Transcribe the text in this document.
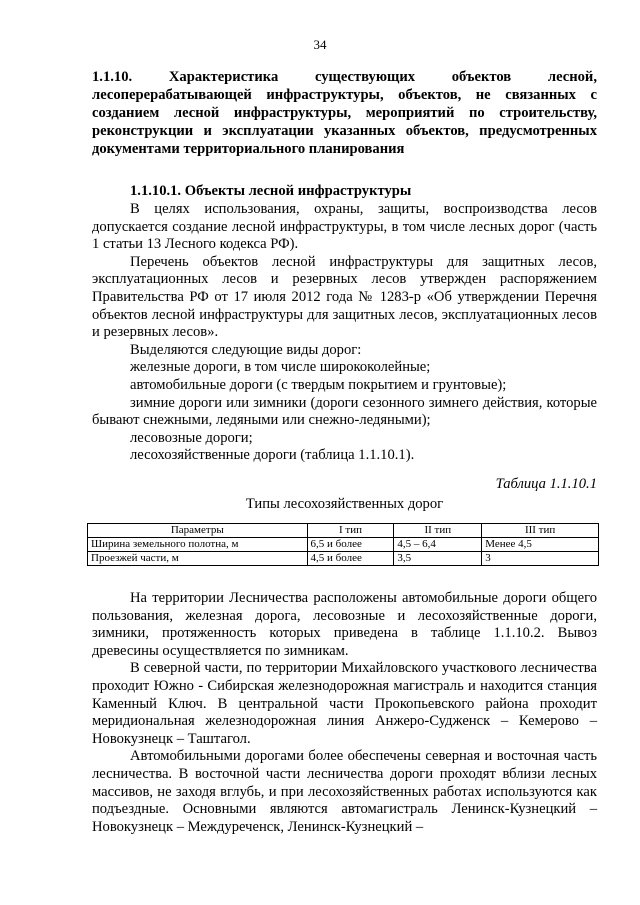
34
1.1.10.	Характеристика существующих объектов лесной, лесоперерабатывающей инфраструктуры, объектов, не связанных с созданием лесной инфраструктуры, мероприятий по строительству, реконструкции и эксплуатации указанных объектов, предусмотренных документами территориального планирования
1.1.10.1. Объекты лесной инфраструктуры

В целях использования, охраны, защиты, воспроизводства лесов допускается создание лесной инфраструктуры, в том числе лесных дорог (часть 1 статьи 13 Лесного кодекса РФ).

Перечень объектов лесной инфраструктуры для защитных лесов, эксплуатационных лесов и резервных лесов утвержден распоряжением Правительства РФ от 17 июля 2012 года № 1283-р «Об утверждении Перечня объектов лесной инфраструктуры для защитных лесов, эксплуатационных лесов и резервных лесов».

Выделяются следующие виды дорог:

железные дороги, в том числе ширококолейные;

автомобильные дороги (с твердым покрытием и грунтовые);

зимние дороги или зимники (дороги сезонного зимнего действия, которые бывают снежными, ледяными или снежно-ледяными);

лесовозные дороги;

лесохозяйственные дороги (таблица 1.1.10.1).

Таблица 1.1.10.1
Типы лесохозяйственных дорог
Параметры	I тип	II тип	III тип
Ширина земельного полотна, м	6,5 и более	4,5 – 6,4	Менее 4,5
Проезжей части, м	4,5 и более	3,5	3

На территории Лесничества расположены автомобильные дороги общего пользования, железная дорога, лесовозные и лесохозяйственные дороги, зимники, протяженность которых приведена в таблице 1.1.10.2. Вывоз древесины осуществляется по зимникам.

В северной части, по территории Михайловского участкового лесничества проходит Южно - Сибирская железнодорожная магистраль и находится станция Каменный Ключ. В центральной части Прокопьевского района проходит меридиональная железнодорожная линия Анжеро-Судженск – Кемерово – Новокузнецк – Таштагол.

Автомобильными дорогами более обеспечены северная и восточная часть лесничества. В восточной части лесничества дороги проходят вблизи лесных массивов, не заходя вглубь, и при лесохозяйственных работах используются как подъездные. Основными являются автомагистраль Ленинск-Кузнецкий – Новокузнецк – Междуреченск, Ленинск-Кузнецкий –
